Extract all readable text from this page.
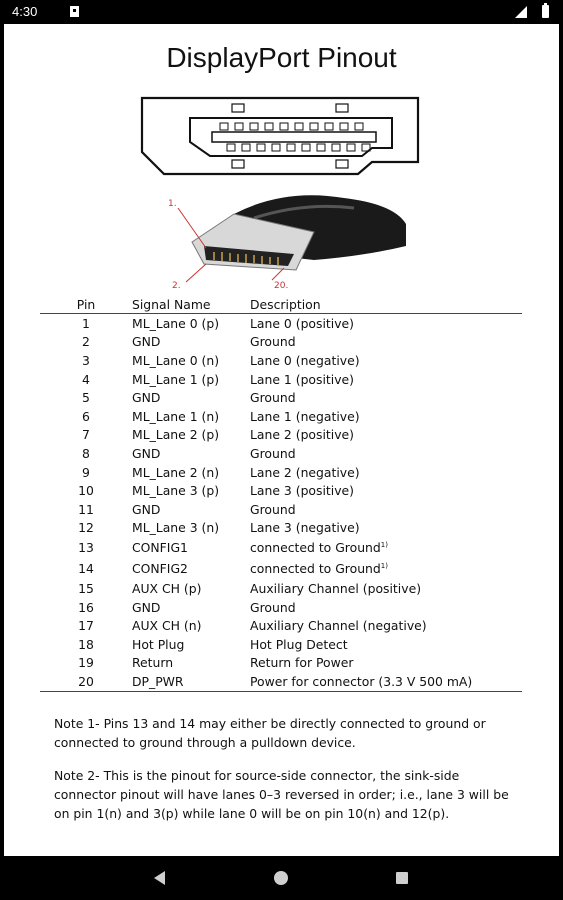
4:30
DisplayPort Pinout
1.
2.	20.
Pin	Signal Name	Description
1	ML_Lane 0 (p)	Lane 0 (positive)
2	GND	Ground
3	ML_Lane 0 (n)	Lane 0 (negative)
4	ML_Lane 1 (p)	Lane 1 (positive)
5	GND	Ground
6	ML_Lane 1 (n)	Lane 1 (negative)
7	ML_Lane 2 (p)	Lane 2 (positive)
8	GND	Ground
9	ML_Lane 2 (n)	Lane 2 (negative)
10	ML_Lane 3 (p)	Lane 3 (positive)
11	GND	Ground
12	ML_Lane 3 (n)	Lane 3 (negative)
13	CONFIG1	connected to Ground$^{1)}$
14	CONFIG2	connected to Ground$^{1)}$
15	AUX CH (p)	Auxiliary Channel (positive)
16	GND	Ground
17	AUX CH (n)	Auxiliary Channel (negative)
18	Hot Plug	Hot Plug Detect
19	Return	Return for Power
20	DP_PWR	Power for connector (3.3 V 500 mA)
Note 1- Pins 13 and 14 may either be directly connected to ground or connected to ground through a pulldown device.
Note 2- This is the pinout for source-side connector, the sink-side connector pinout will have lanes 0–3 reversed in order; i.e., lane 3 will be on pin 1(n) and 3(p) while lane 0 will be on pin 10(n) and 12(p).
